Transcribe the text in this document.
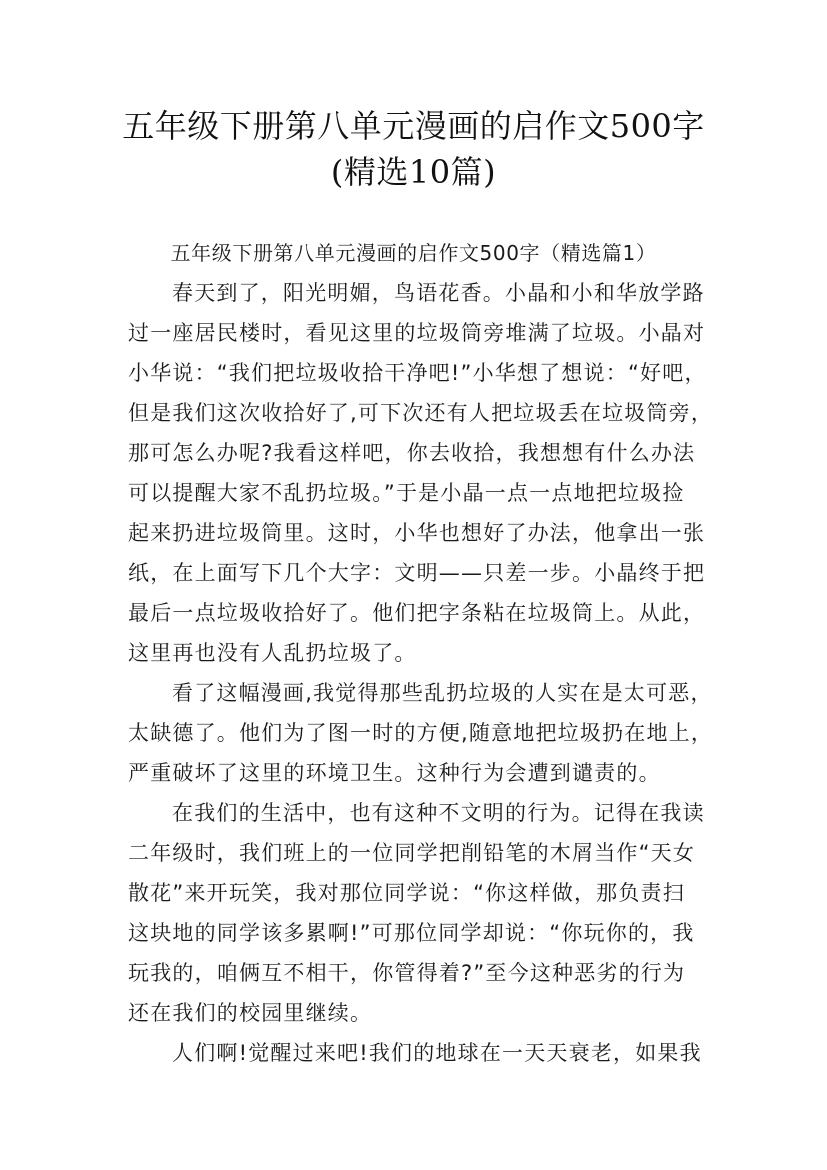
五年级下册第八单元漫画的启作文500字
(精选10篇)
五年级下册第八单元漫画的启作文500字（精选篇1）
春天到了，阳光明媚，鸟语花香。小晶和小和华放学路
过一座居民楼时，看见这里的垃圾筒旁堆满了垃圾。小晶对
小华说：“我们把垃圾收拾干净吧!”小华想了想说：“好吧，
但是我们这次收拾好了,可下次还有人把垃圾丢在垃圾筒旁，
那可怎么办呢?我看这样吧，你去收拾，我想想有什么办法
可以提醒大家不乱扔垃圾。”于是小晶一点一点地把垃圾捡
起来扔进垃圾筒里。这时，小华也想好了办法，他拿出一张
纸，在上面写下几个大字：文明——只差一步。小晶终于把
最后一点垃圾收拾好了。他们把字条粘在垃圾筒上。从此，
这里再也没有人乱扔垃圾了。
看了这幅漫画,我觉得那些乱扔垃圾的人实在是太可恶，
太缺德了。他们为了图一时的方便,随意地把垃圾扔在地上，
严重破坏了这里的环境卫生。这种行为会遭到谴责的。
在我们的生活中，也有这种不文明的行为。记得在我读
二年级时，我们班上的一位同学把削铅笔的木屑当作“天女
散花”来开玩笑，我对那位同学说：“你这样做，那负责扫
这块地的同学该多累啊!”可那位同学却说：“你玩你的，我
玩我的，咱俩互不相干，你管得着?”至今这种恶劣的行为
还在我们的校园里继续。
人们啊!觉醒过来吧!我们的地球在一天天衰老，如果我
